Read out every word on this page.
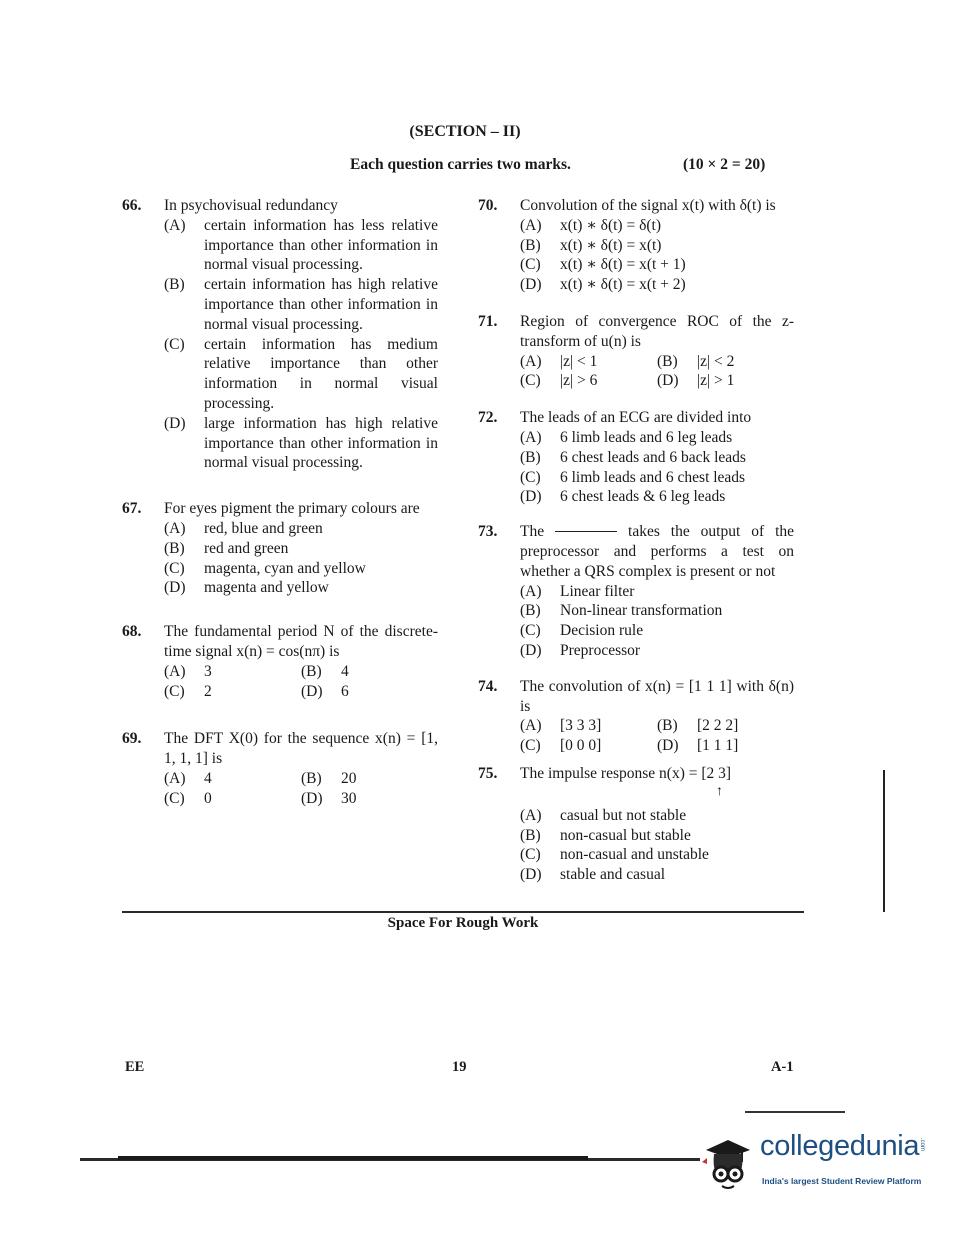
(SECTION – II)
Each question carries two marks.	(10 × 2 = 20)
66.	In psychovisual redundancy
(A)	certain information has less relative importance than other information in normal visual processing.
(B)	certain information has high relative importance than other information in normal visual processing.
(C)	certain information has medium relative importance than other information in normal visual processing.
(D)	large information has high relative importance than other information in normal visual processing.
67.	For eyes pigment the primary colours are
(A)	red, blue and green
(B)	red and green
(C)	magenta, cyan and yellow
(D)	magenta and yellow
68.	The fundamental period N of the discrete-time signal x(n) = cos(nπ) is
(A)	3	(B)	4
(C)	2	(D)	6
69.	The DFT X(0) for the sequence x(n) = [1, 1, 1, 1] is
(A)	4	(B)	20
(C)	0	(D)	30
70.	Convolution of the signal x(t) with δ(t) is
(A)	x(t) ∗ δ(t) = δ(t)
(B)	x(t) ∗ δ(t) = x(t)
(C)	x(t) ∗ δ(t) = x(t + 1)
(D)	x(t) ∗ δ(t) = x(t + 2)
71.	Region of convergence ROC of the z-transform of u(n) is
(A)	|z| < 1	(B)	|z| < 2
(C)	|z| > 6	(D)	|z| > 1
72.	The leads of an ECG are divided into
(A)	6 limb leads and 6 leg leads
(B)	6 chest leads and 6 back leads
(C)	6 limb leads and 6 chest leads
(D)	6 chest leads & 6 leg leads
73.	The	takes the output of the preprocessor and performs a test on whether a QRS complex is present or not
(A)	Linear filter
(B)	Non-linear transformation
(C)	Decision rule
(D)	Preprocessor
74.	The convolution of x(n) = [1 1 1] with δ(n) is
(A)	[3 3 3]	(B)	[2 2 2]
(C)	[0 0 0]	(D)	[1 1 1]
75.	The impulse response n(x) = [2 3]
↑
(A)	casual but not stable
(B)	non-casual but stable
(C)	non-casual and unstable
(D)	stable and casual
Space For Rough Work
EE	19	A-1
collegedunia .com
India's largest Student Review Platform
